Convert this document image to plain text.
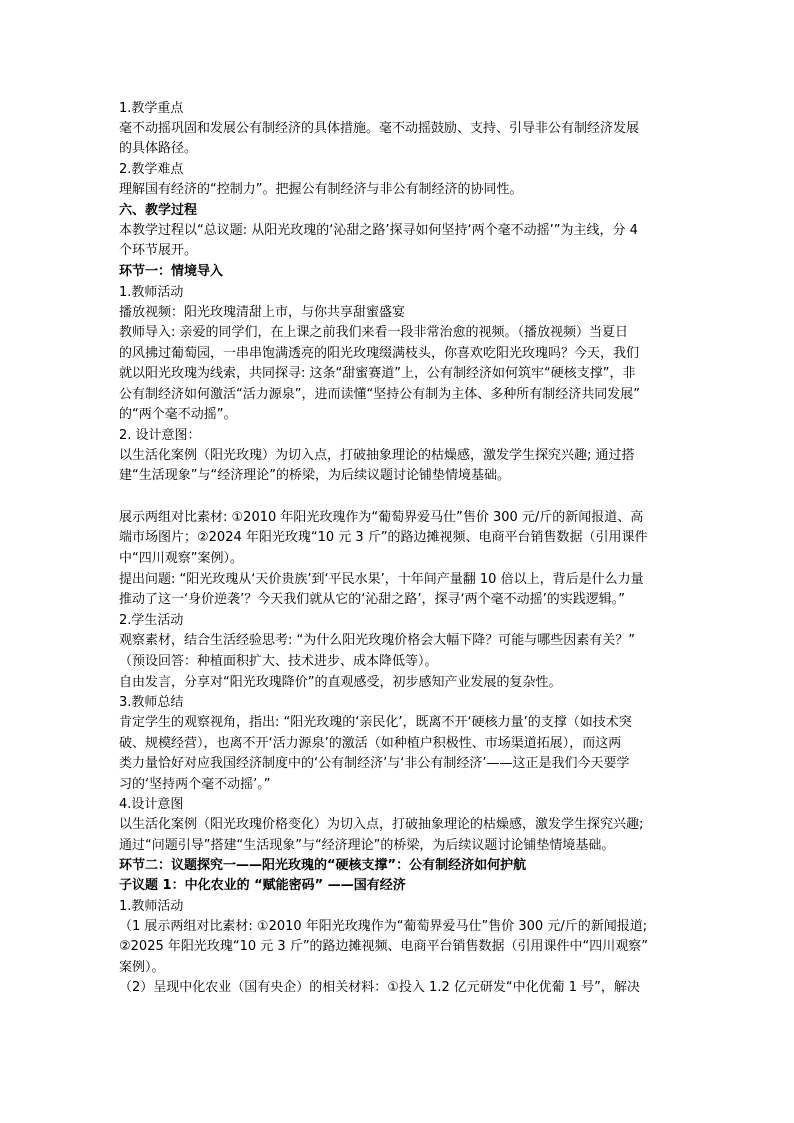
1.教学重点
毫不动摇巩固和发展公有制经济的具体措施。毫不动摇鼓励、支持、引导非公有制经济发展
的具体路径。
2.教学难点
理解国有经济的“控制力”。把握公有制经济与非公有制经济的协同性。
六、教学过程
本教学过程以“总议题: 从阳光玫瑰的‘沁甜之路’探寻如何坚持‘两个毫不动摇’”为主线，分 4
个环节展开。
环节一：情境导入
1.教师活动
播放视频：阳光玫瑰清甜上市，与你共享甜蜜盛宴
教师导入: 亲爱的同学们，在上课之前我们来看一段非常治愈的视频。（播放视频）当夏日
的风拂过葡萄园，一串串饱满透亮的阳光玫瑰缀满枝头，你喜欢吃阳光玫瑰吗？今天，我们
就以阳光玫瑰为线索，共同探寻: 这条“甜蜜赛道”上，公有制经济如何筑牢“硬核支撑”，非
公有制经济如何激活“活力源泉”，进而读懂“坚持公有制为主体、多种所有制经济共同发展”
的“两个毫不动摇”。
2. 设计意图：
以生活化案例（阳光玫瑰）为切入点，打破抽象理论的枯燥感，激发学生探究兴趣; 通过搭
建“生活现象”与“经济理论”的桥梁，为后续议题讨论铺垫情境基础。
展示两组对比素材: ①2010 年阳光玫瑰作为“葡萄界爱马仕”售价 300 元/斤的新闻报道、高
端市场图片；②2024 年阳光玫瑰“10 元 3 斤”的路边摊视频、电商平台销售数据（引用课件
中“四川观察”案例）。
提出问题: “阳光玫瑰从‘天价贵族’到‘平民水果’，十年间产量翻 10 倍以上，背后是什么力量
推动了这一‘身价逆袭’？今天我们就从它的‘沁甜之路’，探寻‘两个毫不动摇’的实践逻辑。”
2.学生活动
观察素材，结合生活经验思考: “为什么阳光玫瑰价格会大幅下降？可能与哪些因素有关？”
（预设回答：种植面积扩大、技术进步、成本降低等）。
自由发言，分享对“阳光玫瑰降价”的直观感受，初步感知产业发展的复杂性。
3.教师总结
肯定学生的观察视角，指出: “阳光玫瑰的‘亲民化’，既离不开‘硬核力量’的支撑（如技术突
破、规模经营），也离不开‘活力源泉’的激活（如种植户积极性、市场渠道拓展），而这两
类力量恰好对应我国经济制度中的‘公有制经济’与‘非公有制经济’——这正是我们今天要学
习的‘坚持两个毫不动摇’。”
4.设计意图
以生活化案例（阳光玫瑰价格变化）为切入点，打破抽象理论的枯燥感，激发学生探究兴趣;
通过“问题引导”搭建“生活现象”与“经济理论”的桥梁，为后续议题讨论铺垫情境基础。
环节二：议题探究一——阳光玫瑰的“硬核支撑”：公有制经济如何护航
子议题 1：中化农业的 “赋能密码” ——国有经济
1.教师活动
（1 展示两组对比素材: ①2010 年阳光玫瑰作为“葡萄界爱马仕”售价 300 元/斤的新闻报道;
②2025 年阳光玫瑰“10 元 3 斤”的路边摊视频、电商平台销售数据（引用课件中“四川观察”
案例）。
（2）呈现中化农业（国有央企）的相关材料：①投入 1.2 亿元研发“中化优葡 1 号”，解决
